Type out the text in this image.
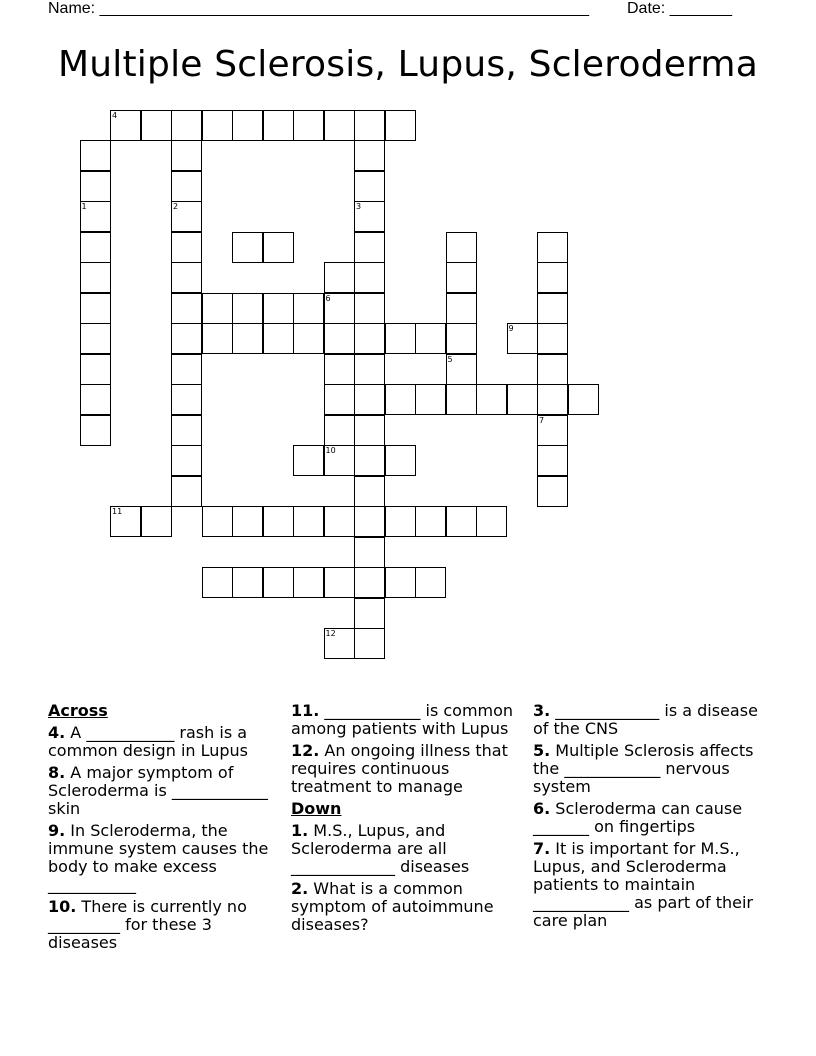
Name: _______________________________________________________ Date: _______
Multiple Sclerosis, Lupus, Scleroderma
1	2	3
5
7
6
4
9
12
10
11
Across
4. A ___________ rash is a common design in Lupus
8. A major symptom of Scleroderma is ____________ skin
9. In Scleroderma, the immune system causes the body to make excess ___________
10. There is currently no _________ for these 3 diseases
11. ____________ is common among patients with Lupus
12. An ongoing illness that requires continuous treatment to manage
Down
1. M.S., Lupus, and Scleroderma are all _____________ diseases
2. What is a common symptom of autoimmune diseases?
3. _____________ is a disease of the CNS
5. Multiple Sclerosis affects the ____________ nervous system
6. Scleroderma can cause _______ on fingertips
7. It is important for M.S., Lupus, and Scleroderma patients to maintain ____________ as part of their care plan
